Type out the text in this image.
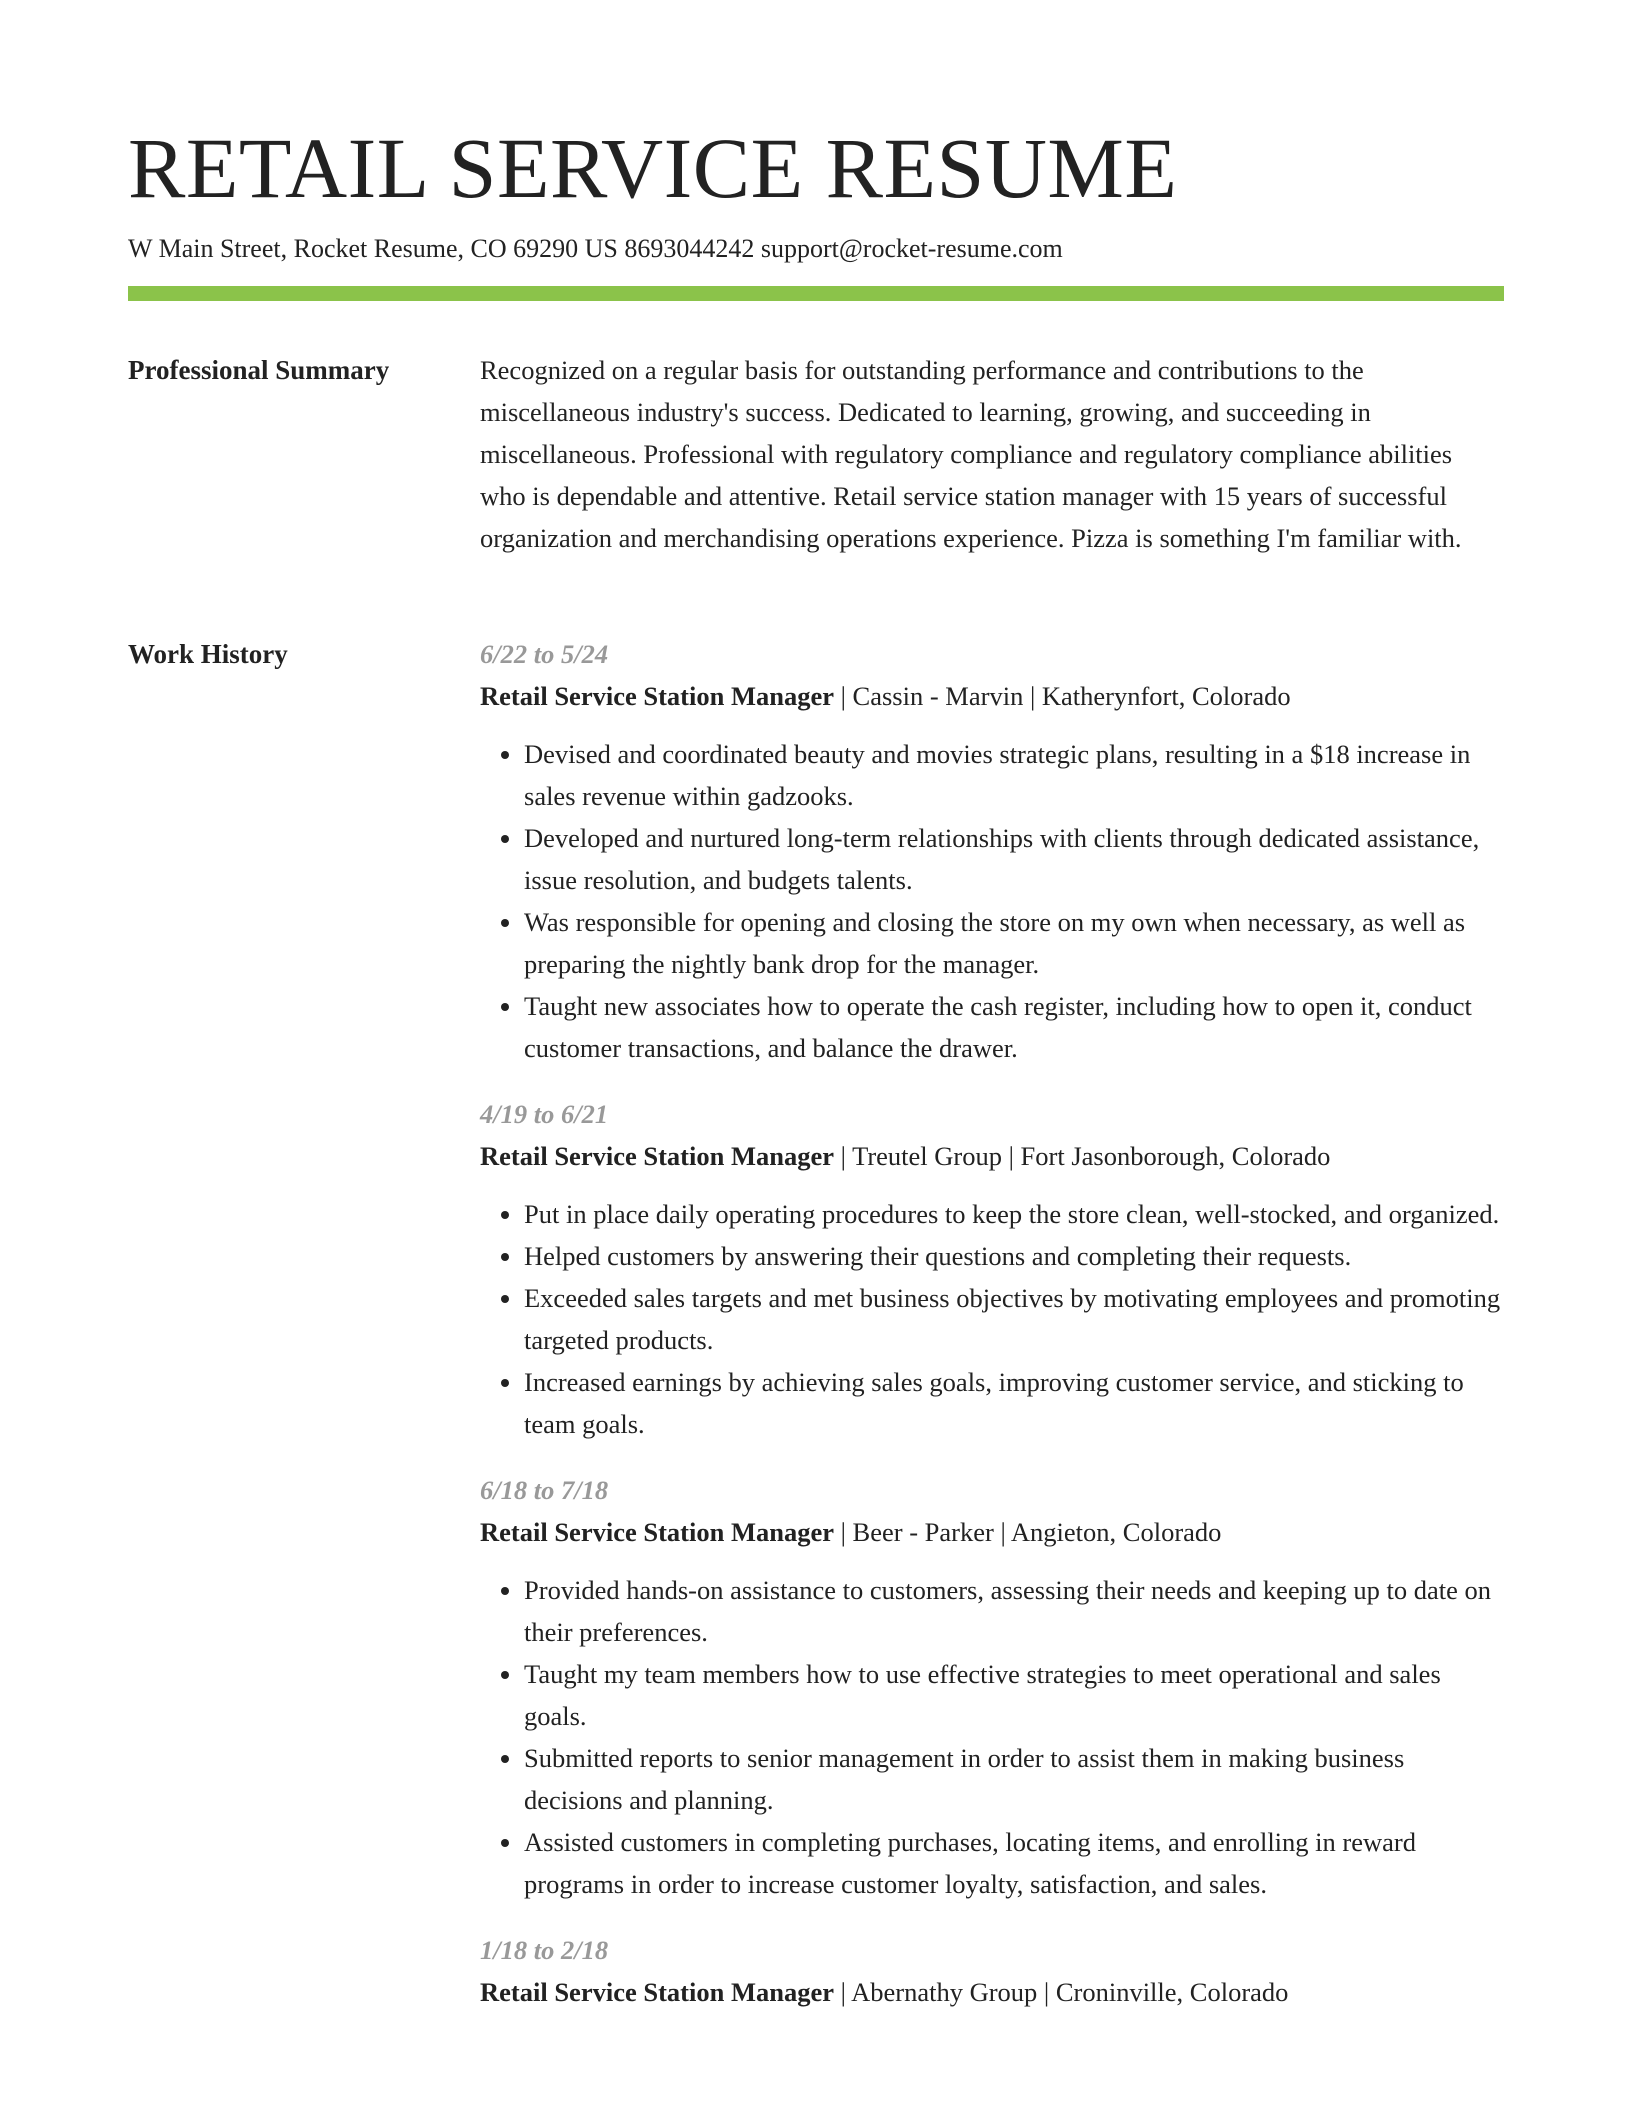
RETAIL SERVICE RESUME
W Main Street, Rocket Resume, CO 69290 US 8693044242 support@rocket-resume.com
Professional Summary	Recognized on a regular basis for outstanding performance and contributions to the miscellaneous industry's success. Dedicated to learning, growing, and succeeding in miscellaneous. Professional with regulatory compliance and regulatory compliance abilities who is dependable and attentive. Retail service station manager with 15 years of successful organization and merchandising operations experience. Pizza is something I'm familiar with.

Work History	6/22 to 5/24
Retail Service Station Manager | Cassin - Marvin | Katherynfort, Colorado
• Devised and coordinated beauty and movies strategic plans, resulting in a $18 increase in sales revenue within gadzooks.
• Developed and nurtured long-term relationships with clients through dedicated assistance, issue resolution, and budgets talents.
• Was responsible for opening and closing the store on my own when necessary, as well as preparing the nightly bank drop for the manager.
• Taught new associates how to operate the cash register, including how to open it, conduct customer transactions, and balance the drawer.
4/19 to 6/21
Retail Service Station Manager | Treutel Group | Fort Jasonborough, Colorado
• Put in place daily operating procedures to keep the store clean, well-stocked, and organized.
• Helped customers by answering their questions and completing their requests.
• Exceeded sales targets and met business objectives by motivating employees and promoting targeted products.
• Increased earnings by achieving sales goals, improving customer service, and sticking to team goals.
6/18 to 7/18
Retail Service Station Manager | Beer - Parker | Angieton, Colorado
• Provided hands-on assistance to customers, assessing their needs and keeping up to date on their preferences.
• Taught my team members how to use effective strategies to meet operational and sales goals.
• Submitted reports to senior management in order to assist them in making business decisions and planning.
• Assisted customers in completing purchases, locating items, and enrolling in reward programs in order to increase customer loyalty, satisfaction, and sales.
1/18 to 2/18
Retail Service Station Manager | Abernathy Group | Croninville, Colorado
